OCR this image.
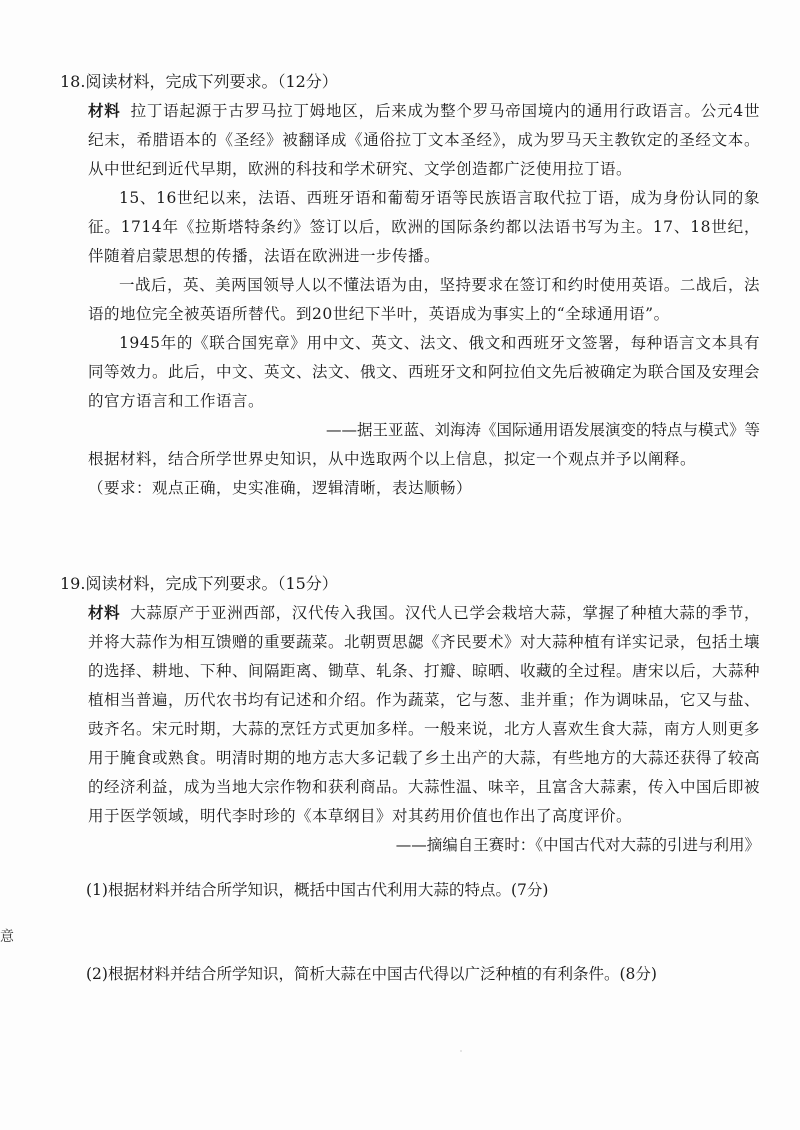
18.阅读材料，完成下列要求。（12分）

材料 拉丁语起源于古罗马拉丁姆地区，后来成为整个罗马帝国境内的通用行政语言。公元4世纪末，希腊语本的《圣经》被翻译成《通俗拉丁文本圣经》，成为罗马天主教钦定的圣经文本。从中世纪到近代早期，欧洲的科技和学术研究、文学创造都广泛使用拉丁语。

15、16世纪以来，法语、西班牙语和葡萄牙语等民族语言取代拉丁语，成为身份认同的象征。1714年《拉斯塔特条约》签订以后，欧洲的国际条约都以法语书写为主。17、18世纪，伴随着启蒙思想的传播，法语在欧洲进一步传播。

一战后，英、美两国领导人以不懂法语为由，坚持要求在签订和约时使用英语。二战后，法语的地位完全被英语所替代。到20世纪下半叶，英语成为事实上的“全球通用语”。

1945年的《联合国宪章》用中文、英文、法文、俄文和西班牙文签署，每种语言文本具有同等效力。此后，中文、英文、法文、俄文、西班牙文和阿拉伯文先后被确定为联合国及安理会的官方语言和工作语言。

——据王亚蓝、刘海涛《国际通用语发展演变的特点与模式》等

根据材料，结合所学世界史知识，从中选取两个以上信息，拟定一个观点并予以阐释。

（要求：观点正确，史实准确，逻辑清晰，表达顺畅）

19.阅读材料，完成下列要求。（15分）

材料 大蒜原产于亚洲西部，汉代传入我国。汉代人已学会栽培大蒜，掌握了种植大蒜的季节，并将大蒜作为相互馈赠的重要蔬菜。北朝贾思勰《齐民要术》对大蒜种植有详实记录，包括土壤的选择、耕地、下种、间隔距离、锄草、轧条、打瓣、晾晒、收藏的全过程。唐宋以后，大蒜种植相当普遍，历代农书均有记述和介绍。作为蔬菜，它与葱、韭并重；作为调味品，它又与盐、豉齐名。宋元时期，大蒜的烹饪方式更加多样。一般来说，北方人喜欢生食大蒜，南方人则更多用于腌食或熟食。明清时期的地方志大多记载了乡土出产的大蒜，有些地方的大蒜还获得了较高的经济利益，成为当地大宗作物和获利商品。大蒜性温、味辛，且富含大蒜素，传入中国后即被用于医学领域，明代李时珍的《本草纲目》对其药用价值也作出了高度评价。

——摘编自王赛时：《中国古代对大蒜的引进与利用》

(1)根据材料并结合所学知识，概括中国古代利用大蒜的特点。(7分)

(2)根据材料并结合所学知识，简析大蒜在中国古代得以广泛种植的有利条件。(8分)

意
